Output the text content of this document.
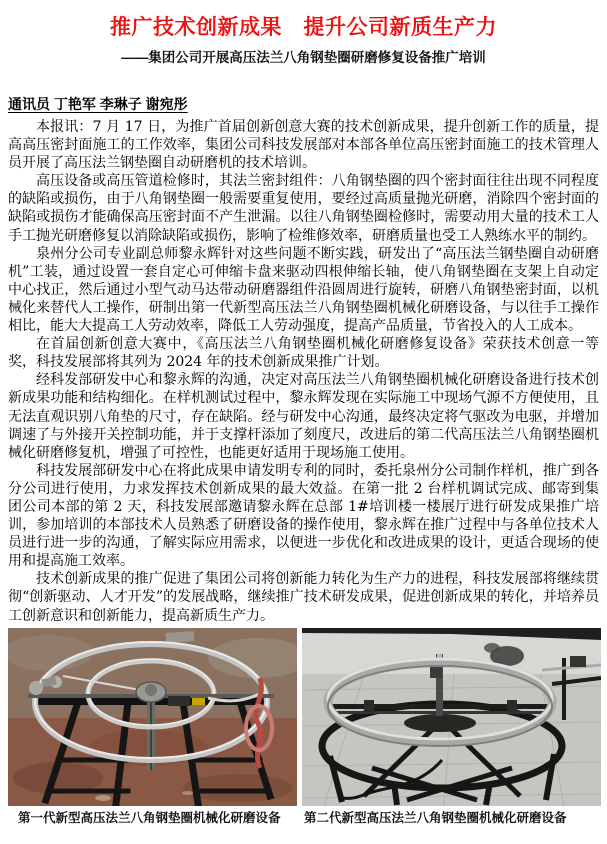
推广技术创新成果　提升公司新质生产力
——集团公司开展高压法兰八角钢垫圈研磨修复设备推广培训
通讯员 丁艳军 李琳子 谢宛彤

本报讯：7 月 17 日，为推广首届创新创意大赛的技术创新成果，提升创新工作的质量，提高高压密封面施工的工作效率，集团公司科技发展部对本部各单位高压密封面施工的技术管理人员开展了高压法兰钢垫圈自动研磨机的技术培训。

高压设备或高压管道检修时，其法兰密封组件：八角钢垫圈的四个密封面往往出现不同程度的缺陷或损伤，由于八角钢垫圈一般需要重复使用，要经过高质量抛光研磨，消除四个密封面的缺陷或损伤才能确保高压密封面不产生泄漏。以往八角钢垫圈检修时，需要动用大量的技术工人手工抛光研磨修复以消除缺陷或损伤，影响了检维修效率，研磨质量也受工人熟练水平的制约。

泉州分公司专业副总师黎永辉针对这些问题不断实践，研发出了“高压法兰钢垫圈自动研磨机”工装，通过设置一套自定心可伸缩卡盘来驱动四根伸缩长轴，使八角钢垫圈在支架上自动定中心找正，然后通过小型气动马达带动研磨器组件沿圆周进行旋转，研磨八角钢垫密封面，以机械化来替代人工操作，研制出第一代新型高压法兰八角钢垫圈机械化研磨设备，与以往手工操作相比，能大大提高工人劳动效率，降低工人劳动强度，提高产品质量，节省投入的人工成本。

在首届创新创意大赛中，《高压法兰八角钢垫圈机械化研磨修复设备》荣获技术创意一等奖，科技发展部将其列为 2024 年的技术创新成果推广计划。

经科发部研发中心和黎永辉的沟通，决定对高压法兰八角钢垫圈机械化研磨设备进行技术创新成果功能和结构细化。在样机测试过程中，黎永辉发现在实际施工中现场气源不方便使用，且无法直观识别八角垫的尺寸，存在缺陷。经与研发中心沟通，最终决定将气驱改为电驱，并增加调速了与外接开关控制功能，并于支撑杆添加了刻度尺，改进后的第二代高压法兰八角钢垫圈机械化研磨修复机，增强了可控性，也能更好适用于现场施工使用。

科技发展部研发中心在将此成果申请发明专利的同时，委托泉州分公司制作样机，推广到各分公司进行使用，力求发挥技术创新成果的最大效益。在第一批 2 台样机调试完成、邮寄到集团公司本部的第 2 天，科技发展部邀请黎永辉在总部 1#培训楼一楼展厅进行研发成果推广培训，参加培训的本部技术人员熟悉了研磨设备的操作使用，黎永辉在推广过程中与各单位技术人员进行进一步的沟通，了解实际应用需求，以便进一步优化和改进成果的设计，更适合现场的使用和提高施工效率。

技术创新成果的推广促进了集团公司将创新能力转化为生产力的进程，科技发展部将继续贯彻“创新驱动、人才开发”的发展战略，继续推广技术研发成果，促进创新成果的转化，并培养员工创新意识和创新能力，提高新质生产力。

第一代新型高压法兰八角钢垫圈机械化研磨设备	第二代新型高压法兰八角钢垫圈机械化研磨设备
